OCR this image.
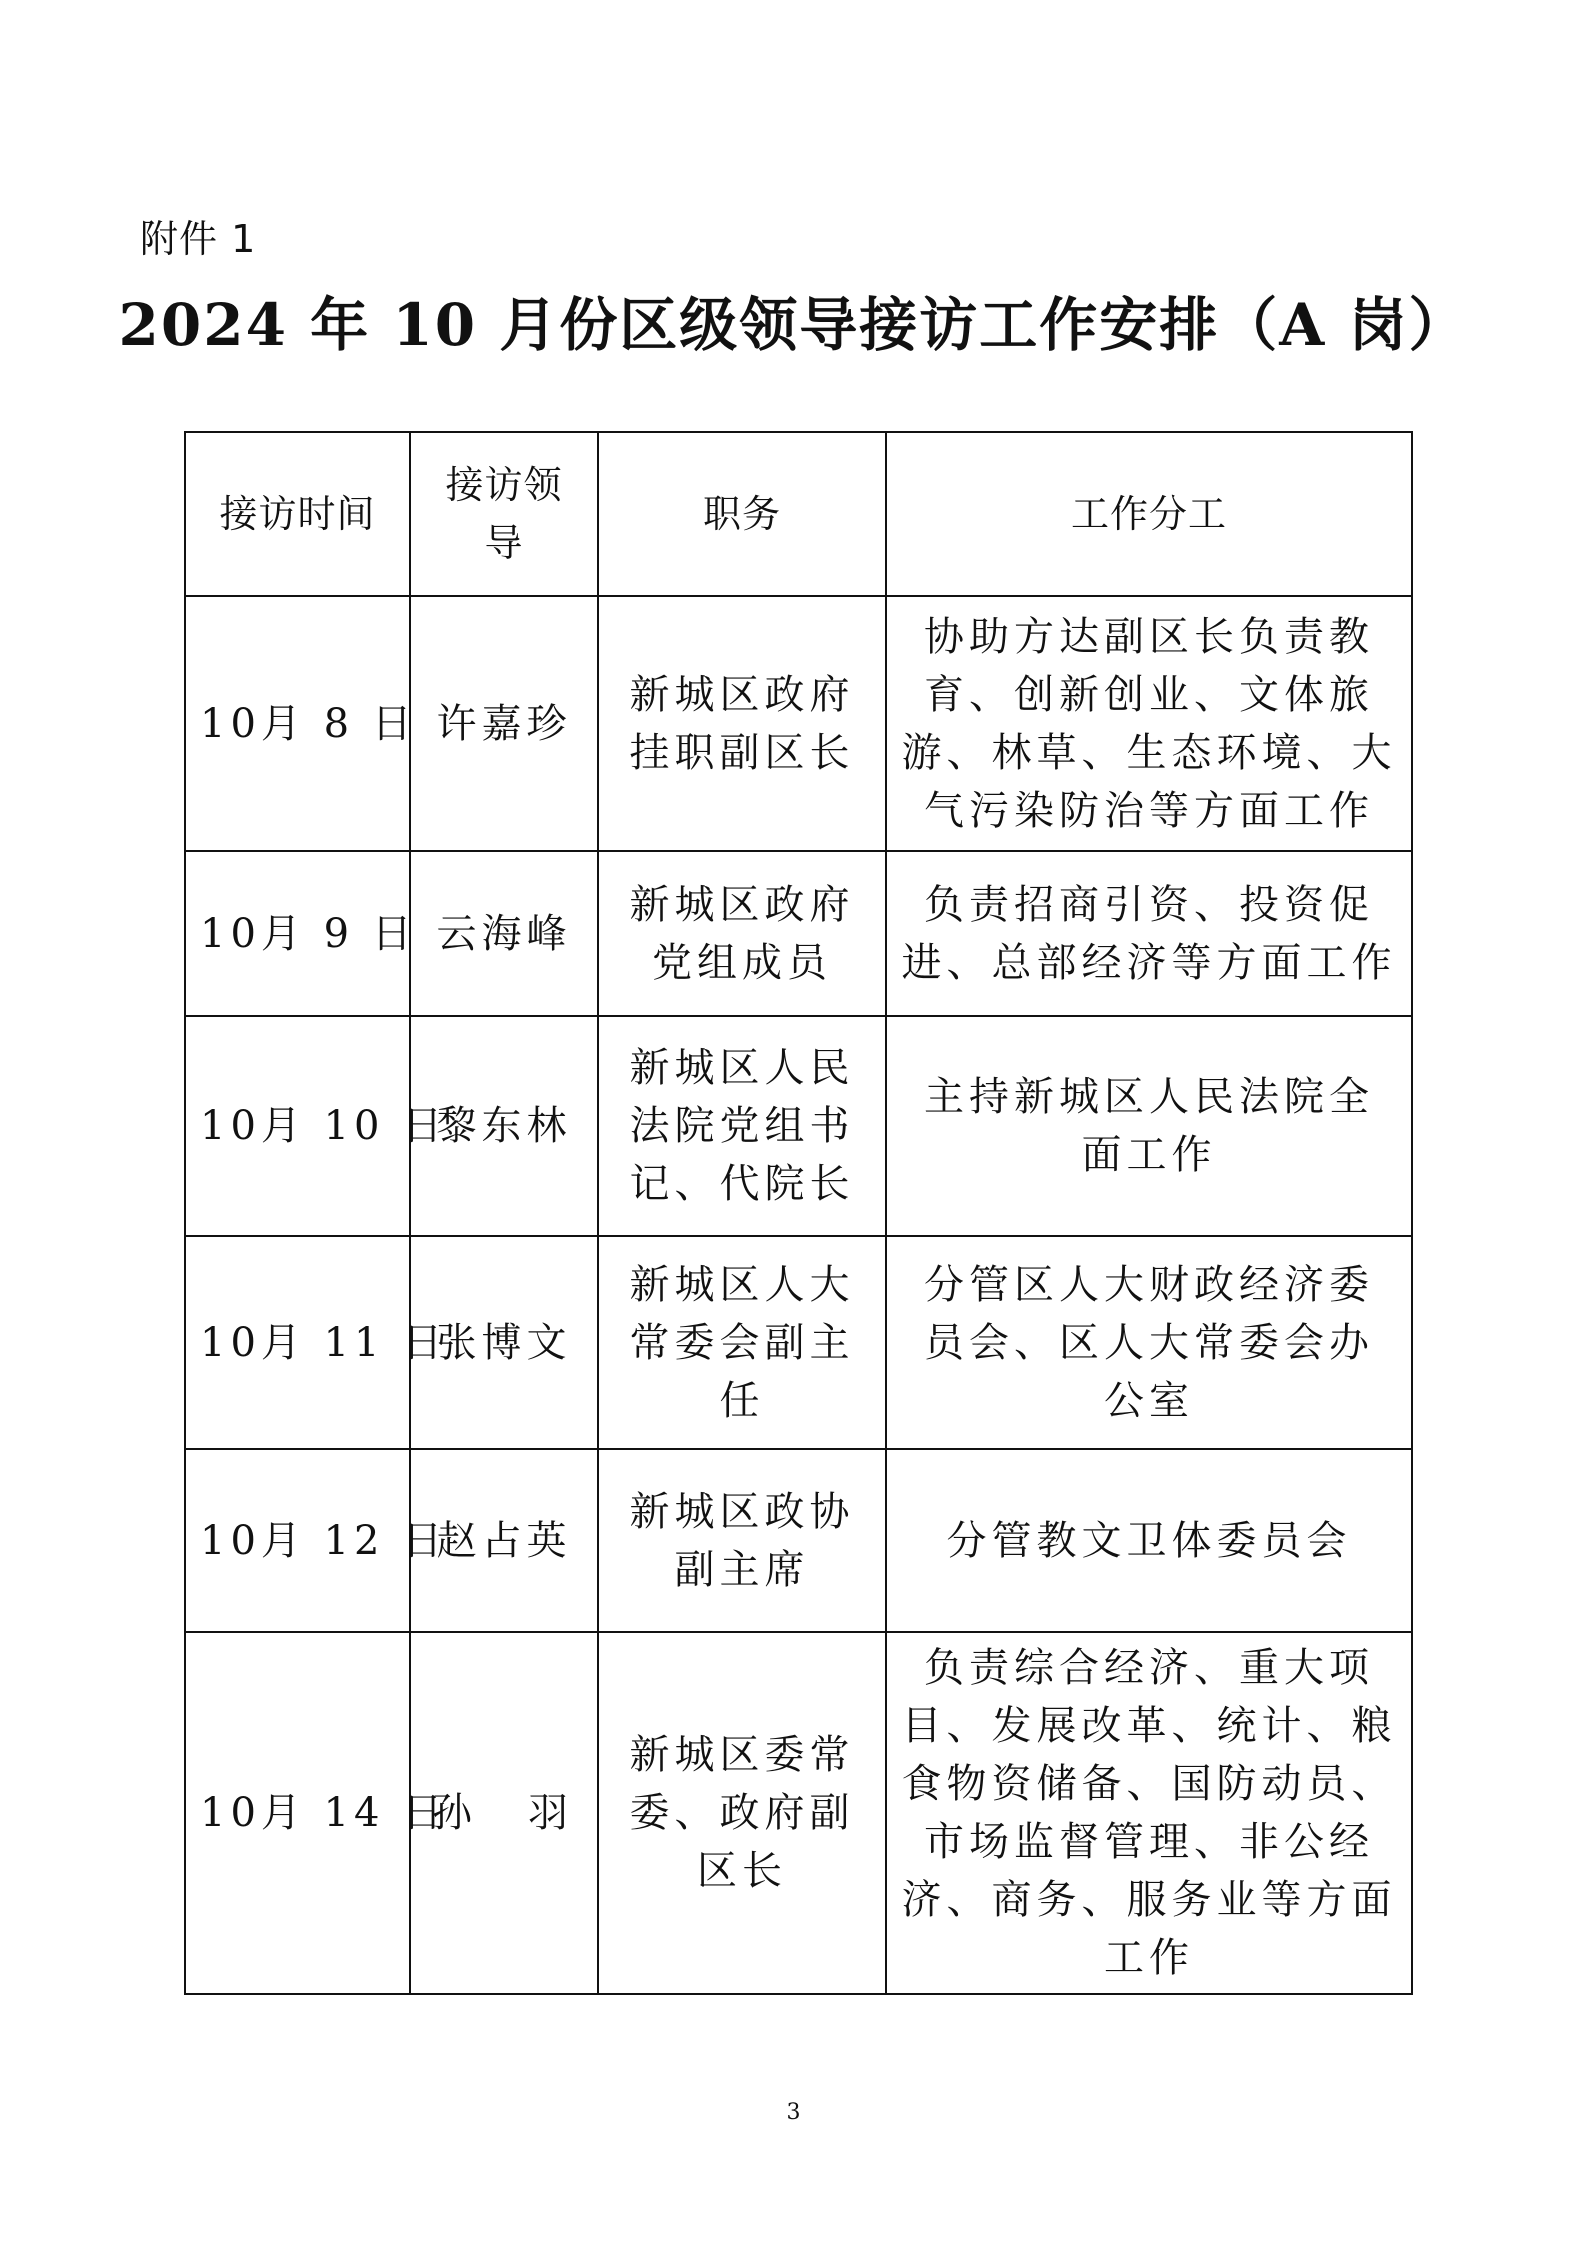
附件 1
2024 年 10 月份区级领导接访工作安排（A 岗）
接访时间	接访领导	职务	工作分工
10月 8 日	许嘉珍	新城区政府挂职副区长	协助方达副区长负责教育、创新创业、文体旅游、林草、生态环境、大气污染防治等方面工作
10月 9 日	云海峰	新城区政府党组成员	负责招商引资、投资促进、总部经济等方面工作
10月 10 日	黎东林	新城区人民法院党组书记、代院长	主持新城区人民法院全面工作
10月 11 日	张博文	新城区人大常委会副主任	分管区人大财政经济委员会、区人大常委会办公室
10月 12 日	赵占英	新城区政协副主席	分管教文卫体委员会
10月 14 日	孙　羽	新城区委常委、政府副区长	负责综合经济、重大项目、发展改革、统计、粮食物资储备、国防动员、市场监督管理、非公经济、商务、服务业等方面工作
3
